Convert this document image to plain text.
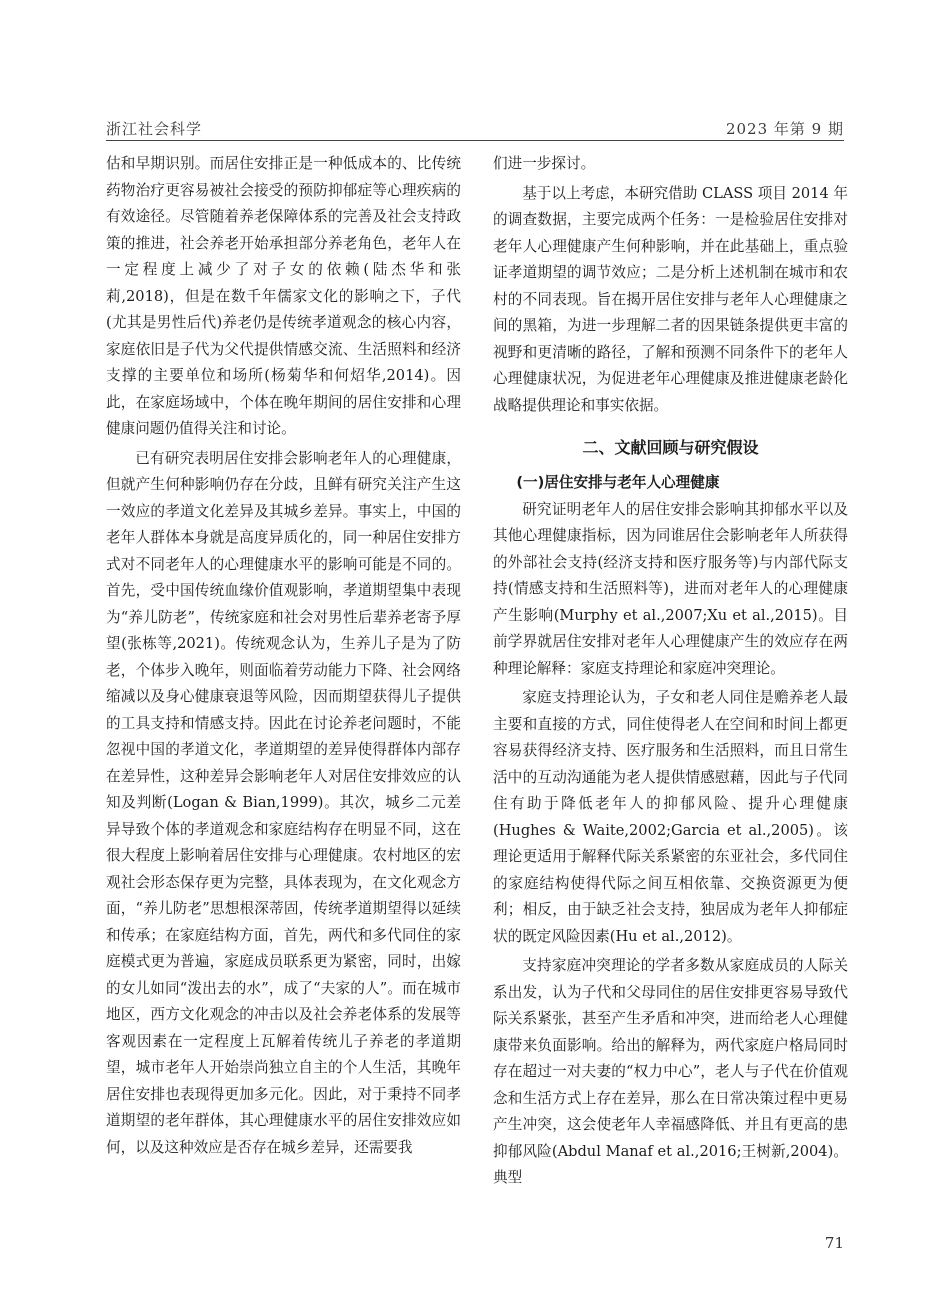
浙江社会科学	2023 年第 9 期

估和早期识别。而居住安排正是一种低成本的、比传统药物治疗更容易被社会接受的预防抑郁症等心理疾病的有效途径。尽管随着养老保障体系的完善及社会支持政策的推进，社会养老开始承担部分养老角色，老年人在一定程度上减少了对子女的依赖(陆杰华和张莉,2018)，但是在数千年儒家文化的影响之下，子代(尤其是男性后代)养老仍是传统孝道观念的核心内容，家庭依旧是子代为父代提供情感交流、生活照料和经济支撑的主要单位和场所(杨菊华和何炤华,2014)。因此，在家庭场域中，个体在晚年期间的居住安排和心理健康问题仍值得关注和讨论。

已有研究表明居住安排会影响老年人的心理健康，但就产生何种影响仍存在分歧，且鲜有研究关注产生这一效应的孝道文化差异及其城乡差异。事实上，中国的老年人群体本身就是高度异质化的，同一种居住安排方式对不同老年人的心理健康水平的影响可能是不同的。首先，受中国传统血缘价值观影响，孝道期望集中表现为“养儿防老”，传统家庭和社会对男性后辈养老寄予厚望(张栋等,2021)。传统观念认为，生养儿子是为了防老，个体步入晚年，则面临着劳动能力下降、社会网络缩减以及身心健康衰退等风险，因而期望获得儿子提供的工具支持和情感支持。因此在讨论养老问题时，不能忽视中国的孝道文化，孝道期望的差异使得群体内部存在差异性，这种差异会影响老年人对居住安排效应的认知及判断(Logan & Bian,1999)。其次，城乡二元差异导致个体的孝道观念和家庭结构存在明显不同，这在很大程度上影响着居住安排与心理健康。农村地区的宏观社会形态保存更为完整，具体表现为，在文化观念方面，“养儿防老”思想根深蒂固，传统孝道期望得以延续和传承；在家庭结构方面，首先，两代和多代同住的家庭模式更为普遍，家庭成员联系更为紧密，同时，出嫁的女儿如同“泼出去的水”，成了“夫家的人”。而在城市地区，西方文化观念的冲击以及社会养老体系的发展等客观因素在一定程度上瓦解着传统儿子养老的孝道期望，城市老年人开始崇尚独立自主的个人生活，其晚年居住安排也表现得更加多元化。因此，对于秉持不同孝道期望的老年群体，其心理健康水平的居住安排效应如何，以及这种效应是否存在城乡差异，还需要我

们进一步探讨。

基于以上考虑，本研究借助 CLASS 项目 2014 年的调查数据，主要完成两个任务：一是检验居住安排对老年人心理健康产生何种影响，并在此基础上，重点验证孝道期望的调节效应；二是分析上述机制在城市和农村的不同表现。旨在揭开居住安排与老年人心理健康之间的黑箱，为进一步理解二者的因果链条提供更丰富的视野和更清晰的路径，了解和预测不同条件下的老年人心理健康状况，为促进老年心理健康及推进健康老龄化战略提供理论和事实依据。

二、文献回顾与研究假设
(一)居住安排与老年人心理健康

研究证明老年人的居住安排会影响其抑郁水平以及其他心理健康指标，因为同谁居住会影响老年人所获得的外部社会支持(经济支持和医疗服务等)与内部代际支持(情感支持和生活照料等)，进而对老年人的心理健康产生影响(Murphy et al.,2007;Xu et al.,2015)。目前学界就居住安排对老年人心理健康产生的效应存在两种理论解释：家庭支持理论和家庭冲突理论。

家庭支持理论认为，子女和老人同住是赡养老人最主要和直接的方式，同住使得老人在空间和时间上都更容易获得经济支持、医疗服务和生活照料，而且日常生活中的互动沟通能为老人提供情感慰藉，因此与子代同住有助于降低老年人的抑郁风险、提升心理健康(Hughes & Waite,2002;Garcia et al.,2005)。该理论更适用于解释代际关系紧密的东亚社会，多代同住的家庭结构使得代际之间互相依靠、交换资源更为便利；相反，由于缺乏社会支持，独居成为老年人抑郁症状的既定风险因素(Hu et al.,2012)。

支持家庭冲突理论的学者多数从家庭成员的人际关系出发，认为子代和父母同住的居住安排更容易导致代际关系紧张，甚至产生矛盾和冲突，进而给老人心理健康带来负面影响。给出的解释为，两代家庭户格局同时存在超过一对夫妻的“权力中心”，老人与子代在价值观念和生活方式上存在差异，那么在日常决策过程中更易产生冲突，这会使老年人幸福感降低、并且有更高的患抑郁风险(Abdul Manaf et al.,2016;王树新,2004)。典型

71
